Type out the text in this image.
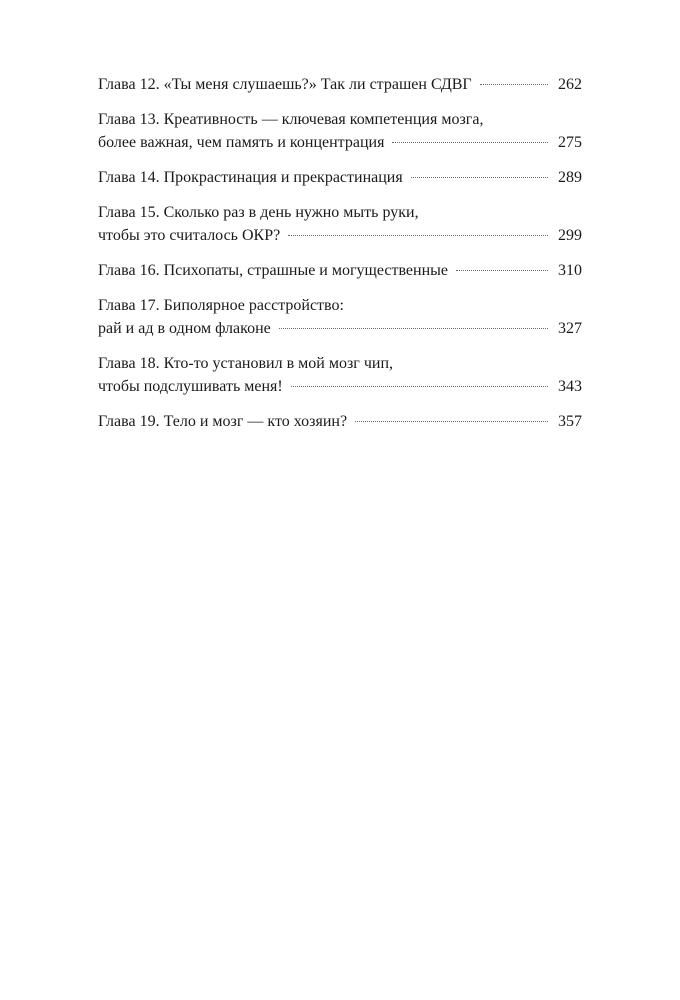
Глава 12. «Ты меня слушаешь?» Так ли страшен СДВГ	262
Глава 13. Креативность — ключевая компетенция мозга,
более важная, чем память и концентрация	275
Глава 14. Прокрастинация и прекрастинация	289
Глава 15. Сколько раз в день нужно мыть руки,
чтобы это считалось ОКР?	299
Глава 16. Психопаты, страшные и могущественные	310
Глава 17. Биполярное расстройство:
рай и ад в одном флаконе	327
Глава 18. Кто-то установил в мой мозг чип,
чтобы подслушивать меня!	343
Глава 19. Тело и мозг — кто хозяин?	357
